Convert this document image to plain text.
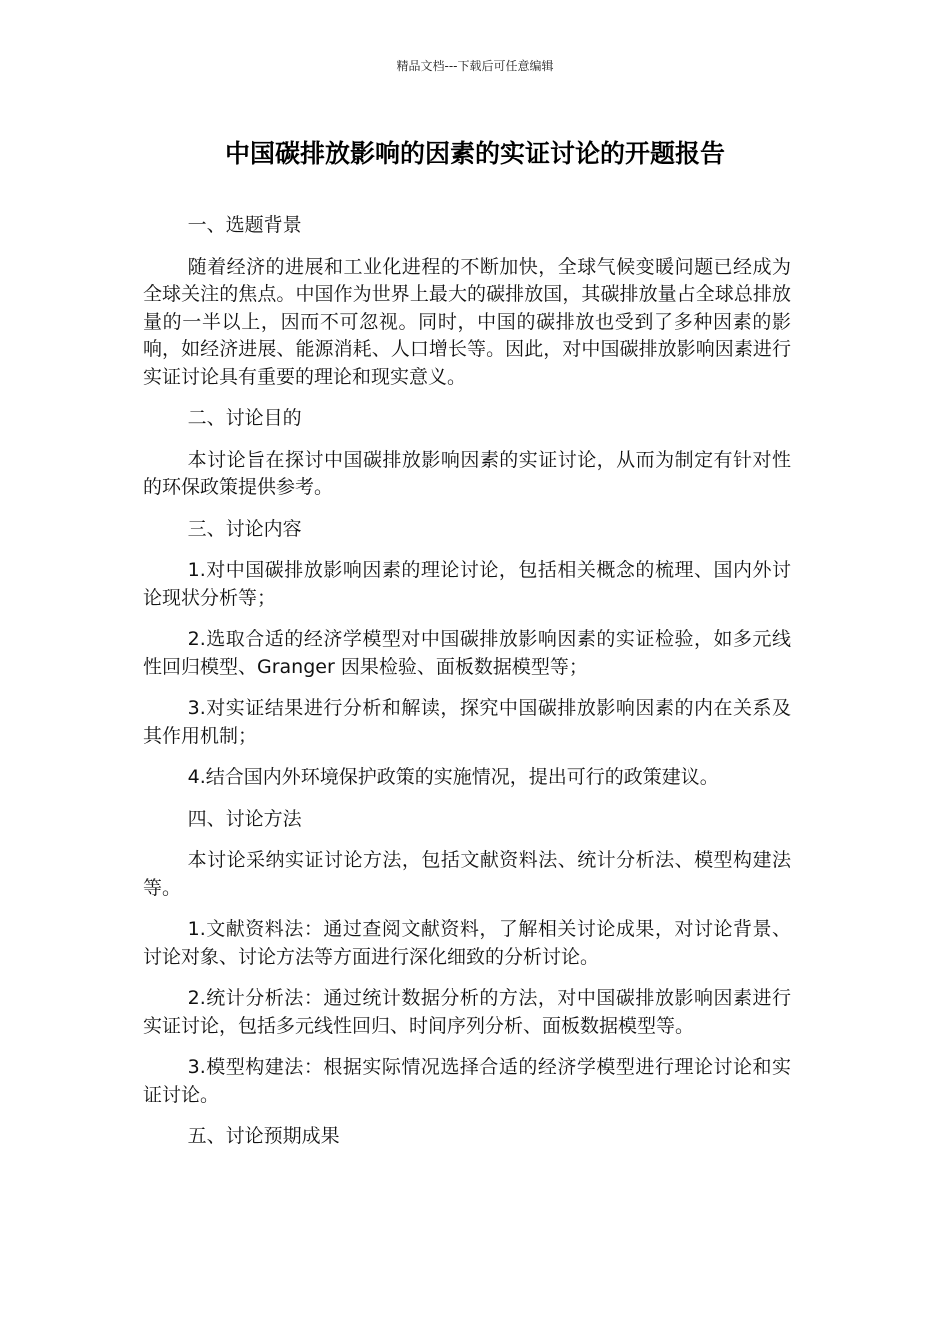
精品文档---下载后可任意编辑
中国碳排放影响的因素的实证讨论的开题报告

一、选题背景

随着经济的进展和工业化进程的不断加快，全球气候变暖问题已经成为全球关注的焦点。中国作为世界上最大的碳排放国，其碳排放量占全球总排放量的一半以上，因而不可忽视。同时，中国的碳排放也受到了多种因素的影响，如经济进展、能源消耗、人口增长等。因此，对中国碳排放影响因素进行实证讨论具有重要的理论和现实意义。

二、讨论目的

本讨论旨在探讨中国碳排放影响因素的实证讨论，从而为制定有针对性的环保政策提供参考。

三、讨论内容

1.对中国碳排放影响因素的理论讨论，包括相关概念的梳理、国内外讨论现状分析等；

2.选取合适的经济学模型对中国碳排放影响因素的实证检验，如多元线性回归模型、Granger 因果检验、面板数据模型等；

3.对实证结果进行分析和解读，探究中国碳排放影响因素的内在关系及其作用机制；

4.结合国内外环境保护政策的实施情况，提出可行的政策建议。

四、讨论方法

本讨论采纳实证讨论方法，包括文献资料法、统计分析法、模型构建法等。

1.文献资料法：通过查阅文献资料，了解相关讨论成果，对讨论背景、讨论对象、讨论方法等方面进行深化细致的分析讨论。

2.统计分析法：通过统计数据分析的方法，对中国碳排放影响因素进行实证讨论，包括多元线性回归、时间序列分析、面板数据模型等。

3.模型构建法：根据实际情况选择合适的经济学模型进行理论讨论和实证讨论。

五、讨论预期成果
